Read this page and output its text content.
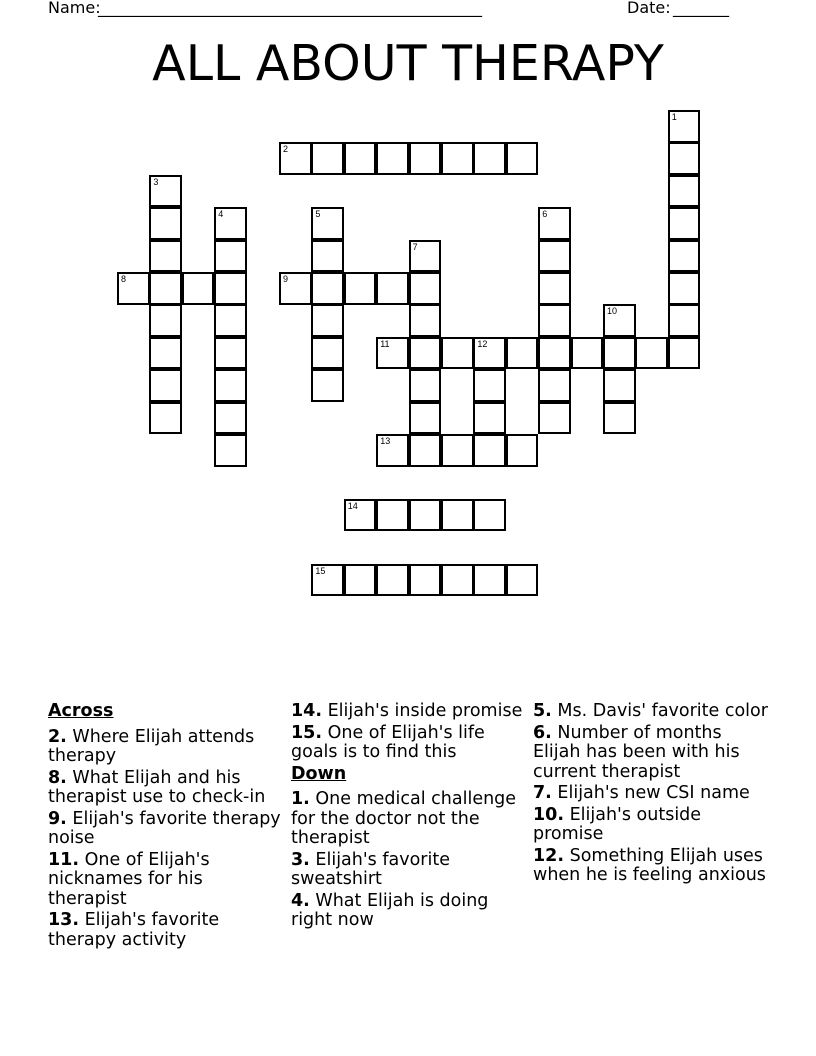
Name:
________________________________________________	Date: _______
ALL ABOUT THERAPY
1
2
3
4	5	6
7
8	9
10
11	12
13
14
15
Across
2. Where Elijah attends therapy
8. What Elijah and his therapist use to check-in
9. Elijah's favorite therapy noise
11. One of Elijah's nicknames for his therapist
13. Elijah's favorite therapy activity
14. Elijah's inside promise
15. One of Elijah's life goals is to find this
Down
1. One medical challenge for the doctor not the therapist
3. Elijah's favorite sweatshirt
4. What Elijah is doing right now
5. Ms. Davis' favorite color
6. Number of months Elijah has been with his current therapist
7. Elijah's new CSI name
10. Elijah's outside promise
12. Something Elijah uses when he is feeling anxious
